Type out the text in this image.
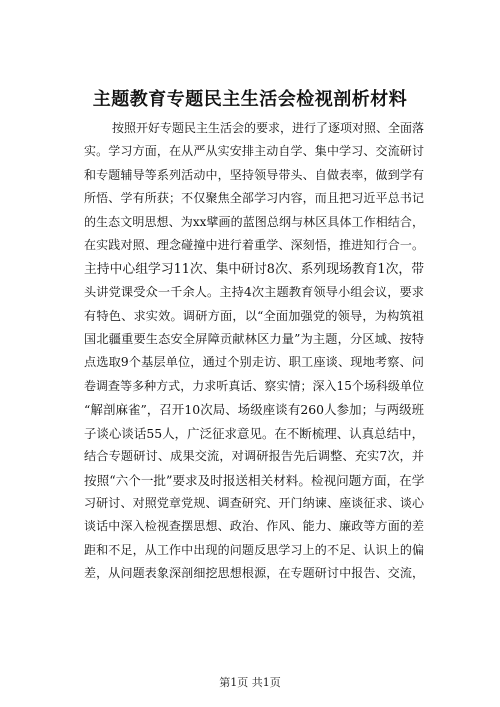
主题教育专题民主生活会检视剖析材料
按照开好专题民主生活会的要求，进行了逐项对照、全面落
实。学习方面，在从严从实安排主动自学、集中学习、交流研讨
和专题辅导等系列活动中，坚持领导带头、自做表率，做到学有
所悟、学有所获；不仅聚焦全部学习内容，而且把习近平总书记
的生态文明思想、为xx擘画的蓝图总纲与林区具体工作相结合，
在实践对照、理念碰撞中进行着重学、深刻悟，推进知行合一。
主持中心组学习11次、集中研讨8次、系列现场教育1次，带
头讲党课受众一千余人。主持4次主题教育领导小组会议，要求
有特色、求实效。调研方面，以“全面加强党的领导，为构筑祖
国北疆重要生态安全屏障贡献林区力量”为主题，分区域、按特
点选取9个基层单位，通过个别走访、职工座谈、现地考察、问
卷调查等多种方式，力求听真话、察实情；深入15个场科级单位
“解剖麻雀”，召开10次局、场级座谈有260人参加；与两级班
子谈心谈话55人，广泛征求意见。在不断梳理、认真总结中，
结合专题研讨、成果交流，对调研报告先后调整、充实7次，并
按照“六个一批”要求及时报送相关材料。检视问题方面，在学
习研讨、对照党章党规、调查研究、开门纳谏、座谈征求、谈心
谈话中深入检视查摆思想、政治、作风、能力、廉政等方面的差
距和不足，从工作中出现的问题反思学习上的不足、认识上的偏
差，从问题表象深剖细挖思想根源，在专题研讨中报告、交流，
第1页 共1页
